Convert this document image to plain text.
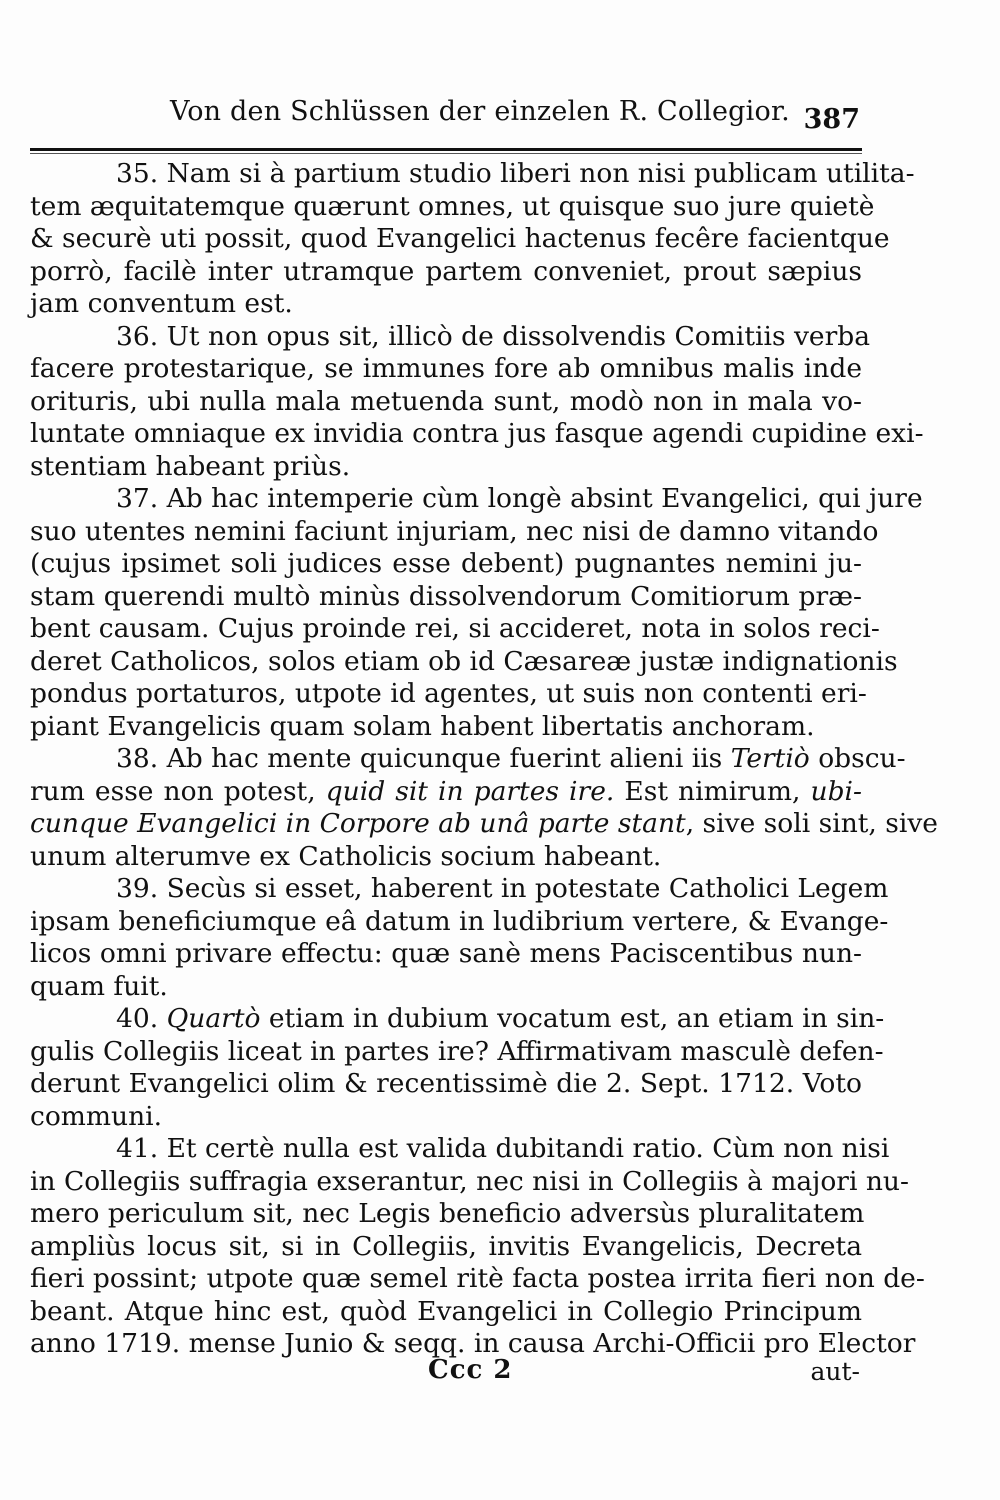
Von den Schlüssen der einzelen R. Collegior. 387

35. Nam si à partium studio liberi non nisi publicam utilita-
tem æquitatemque quærunt omnes, ut quisque suo jure quietè
& securè uti possit, quod Evangelici hactenus fecêre facientque
porrò, facilè inter utramque partem conveniet, prout sæpius
jam conventum est.

36. Ut non opus sit, illicò de dissolvendis Comitiis verba
facere protestarique, se immunes fore ab omnibus malis inde
orituris, ubi nulla mala metuenda sunt, modò non in mala vo-
luntate omniaque ex invidia contra jus fasque agendi cupidine exi-
stentiam habeant priùs.

37. Ab hac intemperie cùm longè absint Evangelici, qui jure
suo utentes nemini faciunt injuriam, nec nisi de damno vitando
(cujus ipsimet soli judices esse debent) pugnantes nemini ju-
stam querendi multò minùs dissolvendorum Comitiorum præ-
bent causam. Cujus proinde rei, si accideret, nota in solos reci-
deret Catholicos, solos etiam ob id Cæsareæ justæ indignationis
pondus portaturos, utpote id agentes, ut suis non contenti eri-
piant Evangelicis quam solam habent libertatis anchoram.

38. Ab hac mente quicunque fuerint alieni iis Tertiò obscu-
rum esse non potest, quid sit in partes ire. Est nimirum, ubi-
cunque Evangelici in Corpore ab unâ parte stant, sive soli sint, sive
unum alterumve ex Catholicis socium habeant.

39. Secùs si esset, haberent in potestate Catholici Legem
ipsam beneficiumque eâ datum in ludibrium vertere, & Evange-
licos omni privare effectu: quæ sanè mens Paciscentibus nun-
quam fuit.

40. Quartò etiam in dubium vocatum est, an etiam in sin-
gulis Collegiis liceat in partes ire? Affirmativam masculè defen-
derunt Evangelici olim & recentissimè die 2. Sept. 1712. Voto
communi.

41. Et certè nulla est valida dubitandi ratio. Cùm non nisi
in Collegiis suffragia exserantur, nec nisi in Collegiis à majori nu-
mero periculum sit, nec Legis beneficio adversùs pluralitatem
ampliùs locus sit, si in Collegiis, invitis Evangelicis, Decreta
fieri possint; utpote quæ semel ritè facta postea irrita fieri non de-
beant. Atque hinc est, quòd Evangelici in Collegio Principum
anno 1719. mense Junio & seqq. in causa Archi-Officii pro Elector

Ccc 2	aut-
